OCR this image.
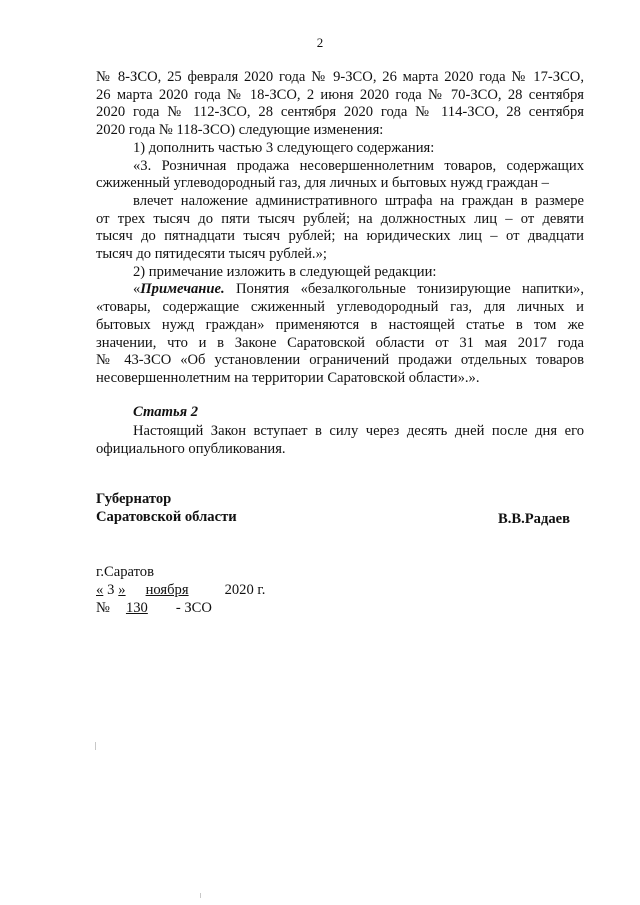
2
№ 8-ЗСО, 25 февраля 2020 года № 9-ЗСО, 26 марта 2020 года № 17-ЗСО,
26 марта 2020 года № 18-ЗСО, 2 июня 2020 года № 70-ЗСО, 28 сентября
2020 года № 112-ЗСО, 28 сентября 2020 года № 114-ЗСО, 28 сентября
2020 года № 118-ЗСО) следующие изменения:
1) дополнить частью 3 следующего содержания:
«3. Розничная продажа несовершеннолетним товаров, содержащих
сжиженный углеводородный газ, для личных и бытовых нужд граждан –
влечет наложение административного штрафа на граждан в размере
от трех тысяч до пяти тысяч рублей; на должностных лиц – от девяти
тысяч до пятнадцати тысяч рублей; на юридических лиц – от двадцати
тысяч до пятидесяти тысяч рублей.»;
2) примечание изложить в следующей редакции:
«Примечание. Понятия «безалкогольные тонизирующие напитки»,
«товары, содержащие сжиженный углеводородный газ, для личных и
бытовых нужд граждан» применяются в настоящей статье в том же
значении, что и в Законе Саратовской области от 31 мая 2017 года
№ 43-ЗСО «Об установлении ограничений продажи отдельных товаров
несовершеннолетним на территории Саратовской области».».
Статья 2
Настоящий Закон вступает в силу через десять дней после дня его
официального опубликования.
Губернатор
Саратовской области	В.В.Радаев
г.Саратов
« 3 » ноября 2020 г.
№ 130 - ЗСО
